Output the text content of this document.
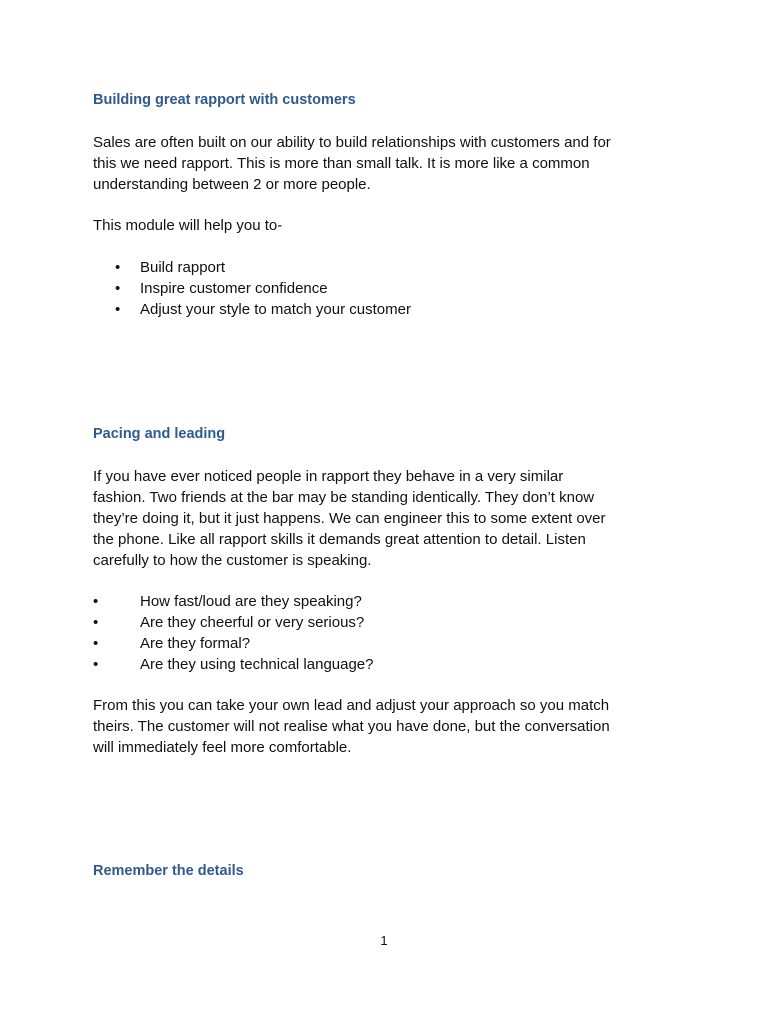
Building great rapport with customers

Sales are often built on our ability to build relationships with customers and for
this we need rapport. This is more than small talk. It is more like a common
understanding between 2 or more people.

This module will help you to-

• Build rapport
• Inspire customer confidence
• Adjust your style to match your customer
Pacing and leading

If you have ever noticed people in rapport they behave in a very similar
fashion. Two friends at the bar may be standing identically. They don’t know
they’re doing it, but it just happens. We can engineer this to some extent over
the phone. Like all rapport skills it demands great attention to detail. Listen
carefully to how the customer is speaking.

•	How fast/loud are they speaking?
•	Are they cheerful or very serious?
•	Are they formal?
•	Are they using technical language?

From this you can take your own lead and adjust your approach so you match
theirs. The customer will not realise what you have done, but the conversation
will immediately feel more comfortable.

Remember the details

1
